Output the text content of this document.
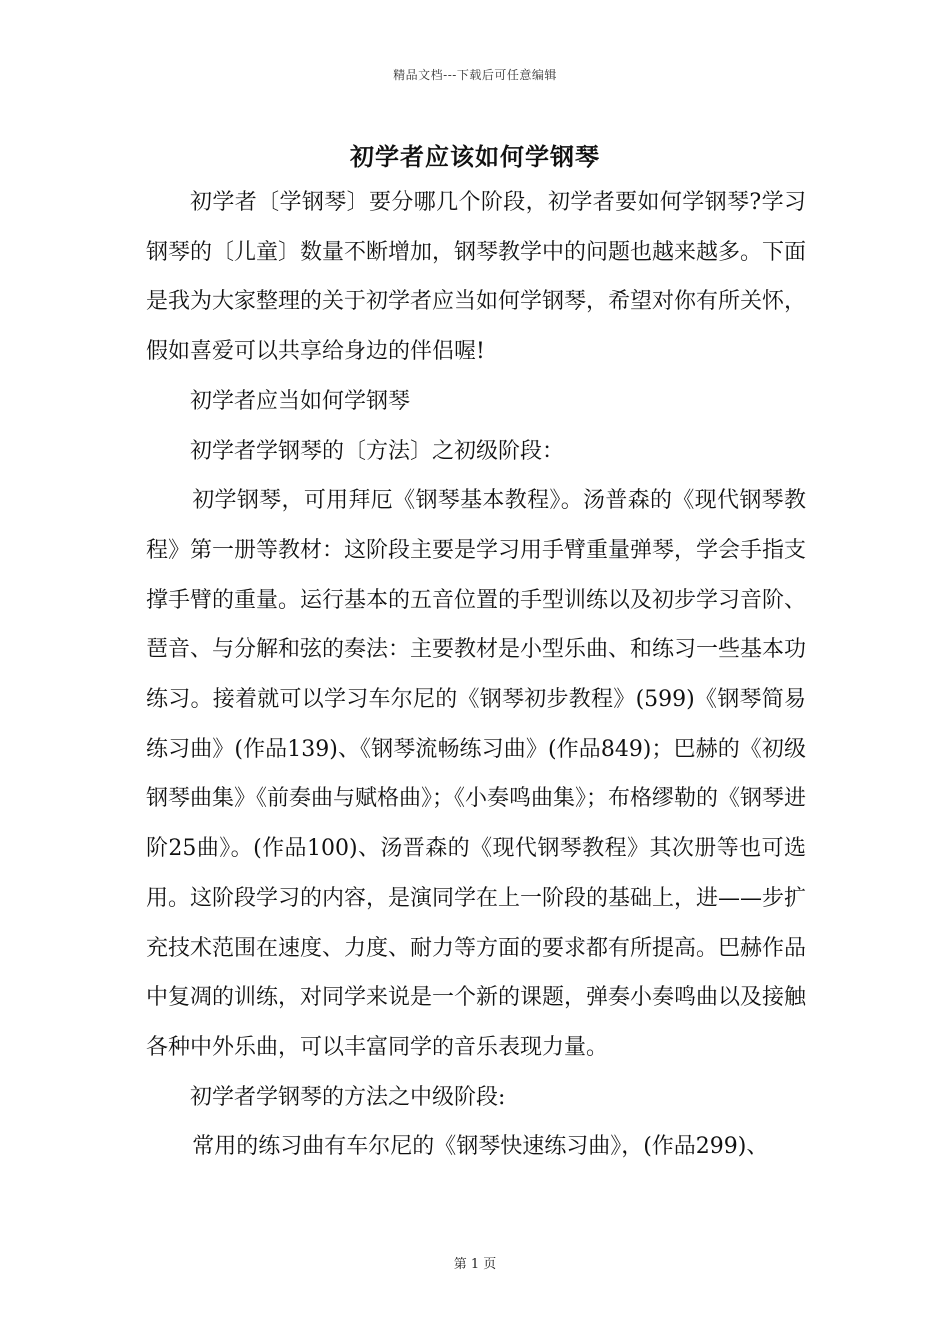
精品文档---下载后可任意编辑
初学者应该如何学钢琴

初学者〔学钢琴〕要分哪几个阶段，初学者要如何学钢琴?学习钢琴的〔儿童〕数量不断增加，钢琴教学中的问题也越来越多。下面是我为大家整理的关于初学者应当如何学钢琴，希望对你有所关怀，假如喜爱可以共享给身边的伴侣喔!

初学者应当如何学钢琴

初学者学钢琴的〔方法〕之初级阶段：

初学钢琴，可用拜厄《钢琴基本教程》。汤普森的《现代钢琴教程》第一册等教材：这阶段主要是学习用手臂重量弹琴，学会手指支撑手臂的重量。运行基本的五音位置的手型训练以及初步学习音阶、琶音、与分解和弦的奏法：主要教材是小型乐曲、和练习一些基本功练习。接着就可以学习车尔尼的《钢琴初步教程》(599)《钢琴简易练习曲》(作品139)、《钢琴流畅练习曲》(作品849)；巴赫的《初级钢琴曲集》《前奏曲与赋格曲》；《小奏鸣曲集》；布格缪勒的《钢琴进阶25曲》。(作品100)、汤晋森的《现代钢琴教程》其次册等也可选用。这阶段学习的内容，是演同学在上一阶段的基础上，进——步扩充技术范围在速度、力度、耐力等方面的要求都有所提高。巴赫作品中复凋的训练，对同学来说是一个新的课题，弹奏小奏鸣曲以及接触各种中外乐曲，可以丰富同学的音乐表现力量。

初学者学钢琴的方法之中级阶段:

常用的练习曲有车尔尼的《钢琴快速练习曲》，(作品299)、

第 1 页
